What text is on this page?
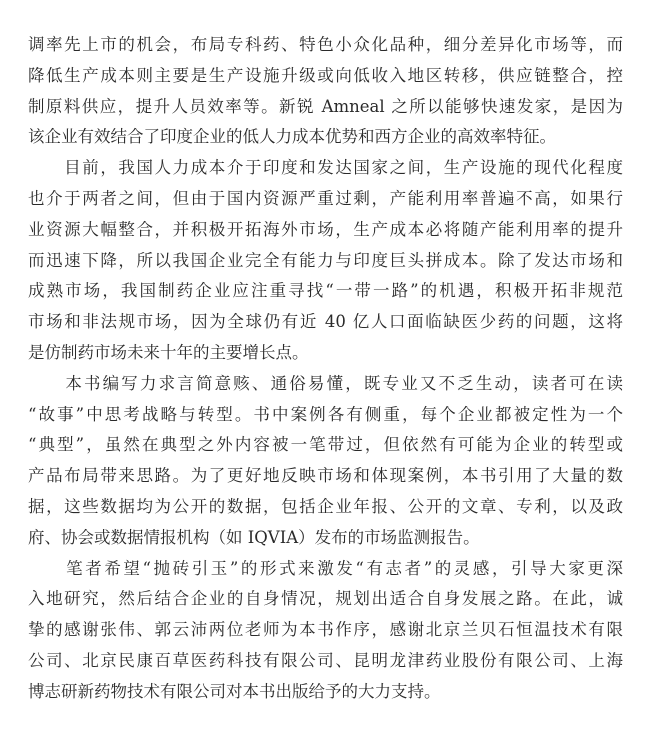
调率先上市的机会，布局专科药、特色小众化品种，细分差异化市场等，而
降低生产成本则主要是生产设施升级或向低收入地区转移，供应链整合，控
制原料供应，提升人员效率等。新锐 Amneal 之所以能够快速发家，是因为
该企业有效结合了印度企业的低人力成本优势和西方企业的高效率特征。
　　目前，我国人力成本介于印度和发达国家之间，生产设施的现代化程度
也介于两者之间，但由于国内资源严重过剩，产能利用率普遍不高，如果行
业资源大幅整合，并积极开拓海外市场，生产成本必将随产能利用率的提升
而迅速下降，所以我国企业完全有能力与印度巨头拼成本。除了发达市场和
成熟市场，我国制药企业应注重寻找“一带一路”的机遇，积极开拓非规范
市场和非法规市场，因为全球仍有近 40 亿人口面临缺医少药的问题，这将
是仿制药市场未来十年的主要增长点。
　　本书编写力求言简意赅、通俗易懂，既专业又不乏生动，读者可在读
“故事”中思考战略与转型。书中案例各有侧重，每个企业都被定性为一个
“典型”，虽然在典型之外内容被一笔带过，但依然有可能为企业的转型或
产品布局带来思路。为了更好地反映市场和体现案例，本书引用了大量的数
据，这些数据均为公开的数据，包括企业年报、公开的文章、专利，以及政
府、协会或数据情报机构（如 IQVIA）发布的市场监测报告。
　　笔者希望“抛砖引玉”的形式来激发“有志者”的灵感，引导大家更深
入地研究，然后结合企业的自身情况，规划出适合自身发展之路。在此，诚
挚的感谢张伟、郭云沛两位老师为本书作序，感谢北京兰贝石恒温技术有限
公司、北京民康百草医药科技有限公司、昆明龙津药业股份有限公司、上海
博志研新药物技术有限公司对本书出版给予的大力支持。
